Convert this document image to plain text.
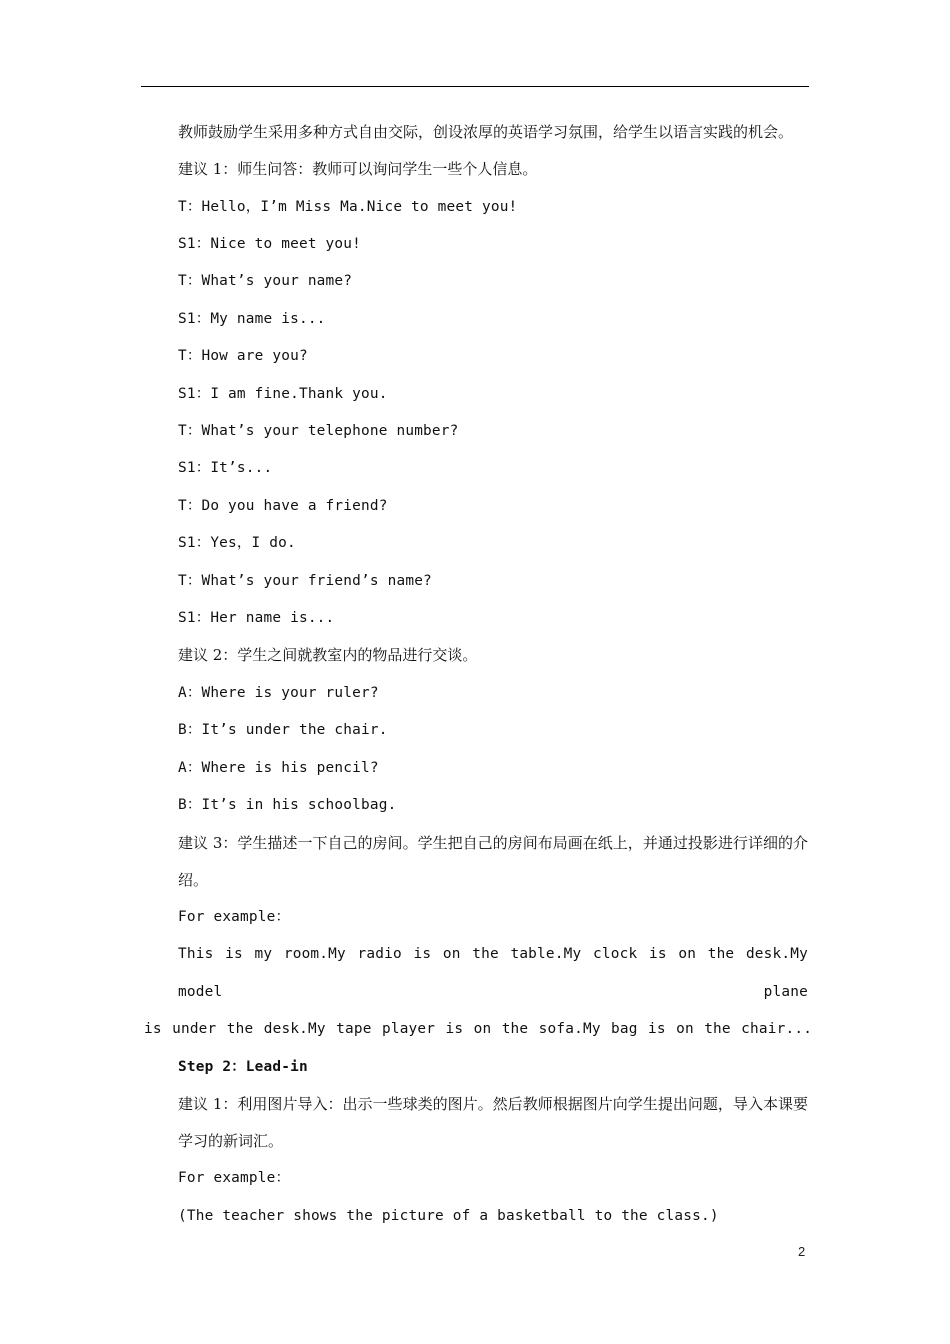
教师鼓励学生采用多种方式自由交际，创设浓厚的英语学习氛围，给学生以语言实践的机会。

建议 1：师生问答：教师可以询问学生一些个人信息。

T：Hello，I’m Miss Ma.Nice to meet you!

S1：Nice to meet you!

T：What’s your name?

S1：My name is...

T：How are you?

S1：I am fine.Thank you.

T：What’s your telephone number?

S1：It’s...

T：Do you have a friend?

S1：Yes，I do.

T：What’s your friend’s name?

S1：Her name is...

建议 2：学生之间就教室内的物品进行交谈。

A：Where is your ruler?

B：It’s under the chair.

A：Where is his pencil?

B：It’s in his schoolbag.

建议 3：学生描述一下自己的房间。学生把自己的房间布局画在纸上，并通过投影进行详细的介绍。

For example：

This is my room.My radio is on the table.My clock is on the desk.My model plane

is under the desk.My tape player is on the sofa.My bag is on the chair...

Step 2：Lead-in

建议 1：利用图片导入：出示一些球类的图片。然后教师根据图片向学生提出问题，导入本课要学习的新词汇。

For example：

(The teacher shows the picture of a basketball to the class.)

2
